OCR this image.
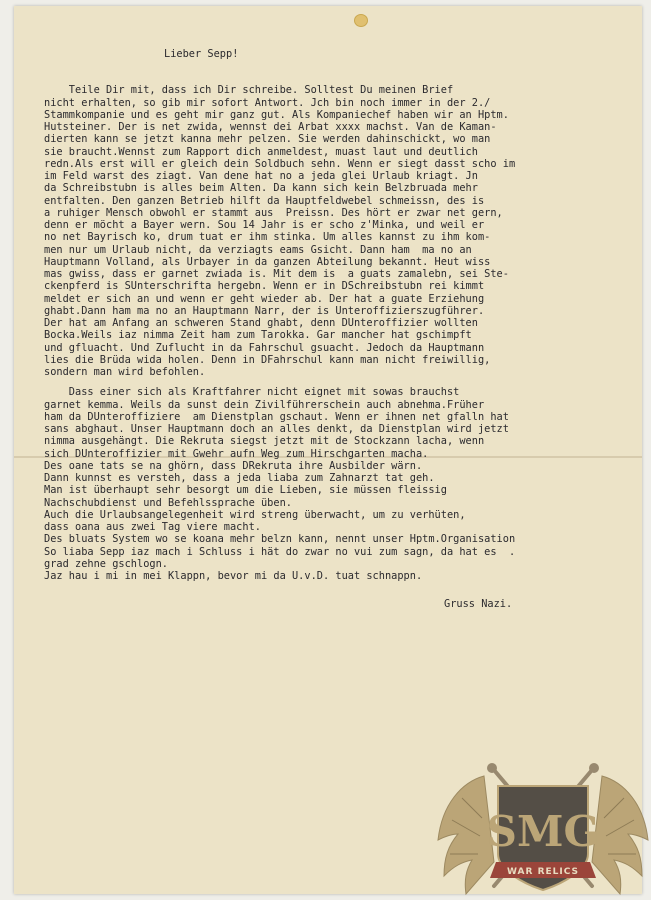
Lieber Sepp!
Teile Dir mit, dass ich Dir schreibe. Solltest Du meinen Brief
nicht erhalten, so gib mir sofort Antwort. Jch bin noch immer in der 2./
Stammkompanie und es geht mir ganz gut. Als Kompaniechef haben wir an Hptm.
Hutsteiner. Der is net zwida, wennst dei Arbat xxxx machst. Van de Kaman-
dierten kann se jetzt kanna mehr pelzen. Sie werden dahinschickt, wo man
sie braucht.Wennst zum Rapport dich anmeldest, muast laut und deutlich
redn.Als erst will er gleich dein Soldbuch sehn. Wenn er siegt dasst scho im
im Feld warst des ziagt. Van dene hat no a jeda glei Urlaub kriagt. Jn
da Schreibstubn is alles beim Alten. Da kann sich kein Belzbruada mehr
entfalten. Den ganzen Betrieb hilft da Hauptfeldwebel schmeissn, des is
a ruhiger Mensch obwohl er stammt aus  Preissn. Des hört er zwar net gern,
denn er möcht a Bayer wern. Sou 14 Jahr is er scho z'Minka, und weil er
no net Bayrisch ko, drum tuat er ihm stinka. Um alles kannst zu ihm kom-
men nur um Urlaub nicht, da verziagts eams Gsicht. Dann ham  ma no an
Hauptmann Volland, als Urbayer in da ganzen Abteilung bekannt. Heut wiss
mas gwiss, dass er garnet zwiada is. Mit dem is  a guats zamalebn, sei Ste-
ckenpferd is SUnterschrifta hergebn. Wenn er in DSchreibstubn rei kimmt
meldet er sich an und wenn er geht wieder ab. Der hat a guate Erziehung
ghabt.Dann ham ma no an Hauptmann Narr, der is Unteroffizierszugführer.
Der hat am Anfang an schweren Stand ghabt, denn DUnteroffizier wollten
Bocka.Weils iaz nimma Zeit ham zum Tarokka. Gar mancher hat gschimpft
und gfluacht. Und Zuflucht in da Fahrschul gsuacht. Jedoch da Hauptmann
lies die Brüda wida holen. Denn in DFahrschul kann man nicht freiwillig,
sondern man wird befohlen.
Dass einer sich als Kraftfahrer nicht eignet mit sowas brauchst
garnet kemma. Weils da sunst dein Zivilführerschein auch abnehma.Früher
ham da DUnteroffiziere  am Dienstplan gschaut. Wenn er ihnen net gfalln hat
sans abghaut. Unser Hauptmann doch an alles denkt, da Dienstplan wird jetzt
nimma ausgehängt. Die Rekruta siegst jetzt mit de Stockzann lacha, wenn
sich DUnteroffizier mit Gwehr aufn Weg zum Hirschgarten macha.
Des oane tats se na ghörn, dass DRekruta ihre Ausbilder wärn.
Dann kunnst es versteh, dass a jeda liaba zum Zahnarzt tat geh.
Man ist überhaupt sehr besorgt um die Lieben, sie müssen fleissig
Nachschubdienst und Befehlssprache üben.
Auch die Urlaubsangelegenheit wird streng überwacht, um zu verhüten,
dass oana aus zwei Tag viere macht.
Des bluats System wo se koana mehr belzn kann, nennt unser Hptm.Organisation
So liaba Sepp iaz mach i Schluss i hät do zwar no vui zum sagn, da hat es  .
grad zehne gschlogn.
Jaz hau i mi in mei Klappn, bevor mi da U.v.D. tuat schnappn.
Gruss Nazi.
SMG
WAR RELICS
